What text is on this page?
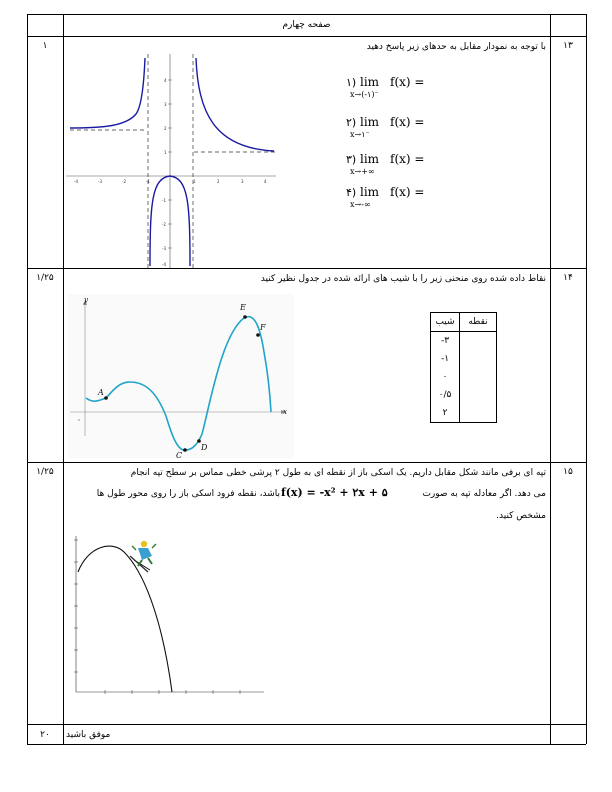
صفحه چهارم
۱۳
۱	با توجه به نمودار مقابل به حدهای زیر پاسخ دهید
۱) lim f(x) =
x→(-۱)⁻
۲) lim f(x) =
x→۱⁻
۳) lim f(x) =
x→+∞
۴) lim f(x) =
x→-∞
4
3
2
1
-1
-2
-3
-4
-4	-3	-2	-1	1	2	3	4
۱۴
۱/۲۵	نقاط داده شده روی منحنی زیر را با شیب های ارائه شده در جدول نظیر کنید
شیب	نقطه
-۳	
-۱	
۰	
۰/۵	
۲	
y
x
A
C
D
E
F
۱۵
۱/۲۵	تپه ای برفی مانند شکل مقابل داریم. یک اسکی باز از نقطه ای به طول ۲ پرشی خطی مماس بر سطح تپه انجام
می دهد. اگر معادله تپه به صورت
f(x) = -x² + ۲x + ۵
باشد، نقطه فرود اسکی باز را روی محور طول ها
مشخص کنید.
۲۰	موفق باشید
